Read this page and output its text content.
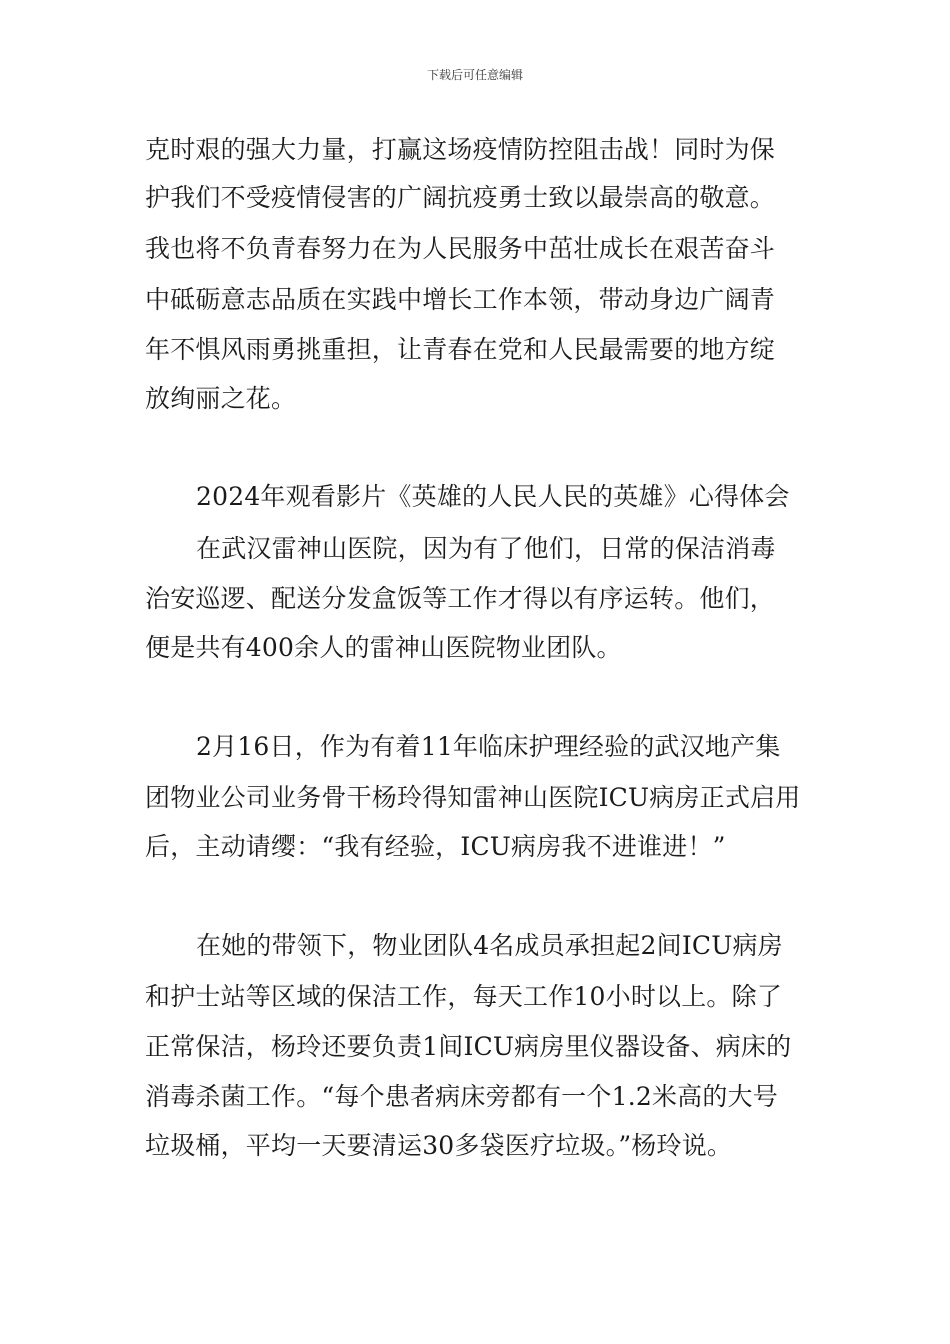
下载后可任意编辑
克时艰的强大力量，打赢这场疫情防控阻击战！同时为保
护我们不受疫情侵害的广阔抗疫勇士致以最崇高的敬意。
我也将不负青春努力在为人民服务中茁壮成长在艰苦奋斗
中砥砺意志品质在实践中增长工作本领，带动身边广阔青
年不惧风雨勇挑重担，让青春在党和人民最需要的地方绽
放绚丽之花。
2024年观看影片《英雄的人民人民的英雄》心得体会
在武汉雷神山医院，因为有了他们，日常的保洁消毒
治安巡逻、配送分发盒饭等工作才得以有序运转。他们，
便是共有400余人的雷神山医院物业团队。
2月16日，作为有着11年临床护理经验的武汉地产集
团物业公司业务骨干杨玲得知雷神山医院ICU病房正式启用
后，主动请缨：“我有经验，ICU病房我不进谁进！”
在她的带领下，物业团队4名成员承担起2间ICU病房
和护士站等区域的保洁工作，每天工作10小时以上。除了
正常保洁，杨玲还要负责1间ICU病房里仪器设备、病床的
消毒杀菌工作。“每个患者病床旁都有一个1.2米高的大号
垃圾桶，平均一天要清运30多袋医疗垃圾。”杨玲说。
